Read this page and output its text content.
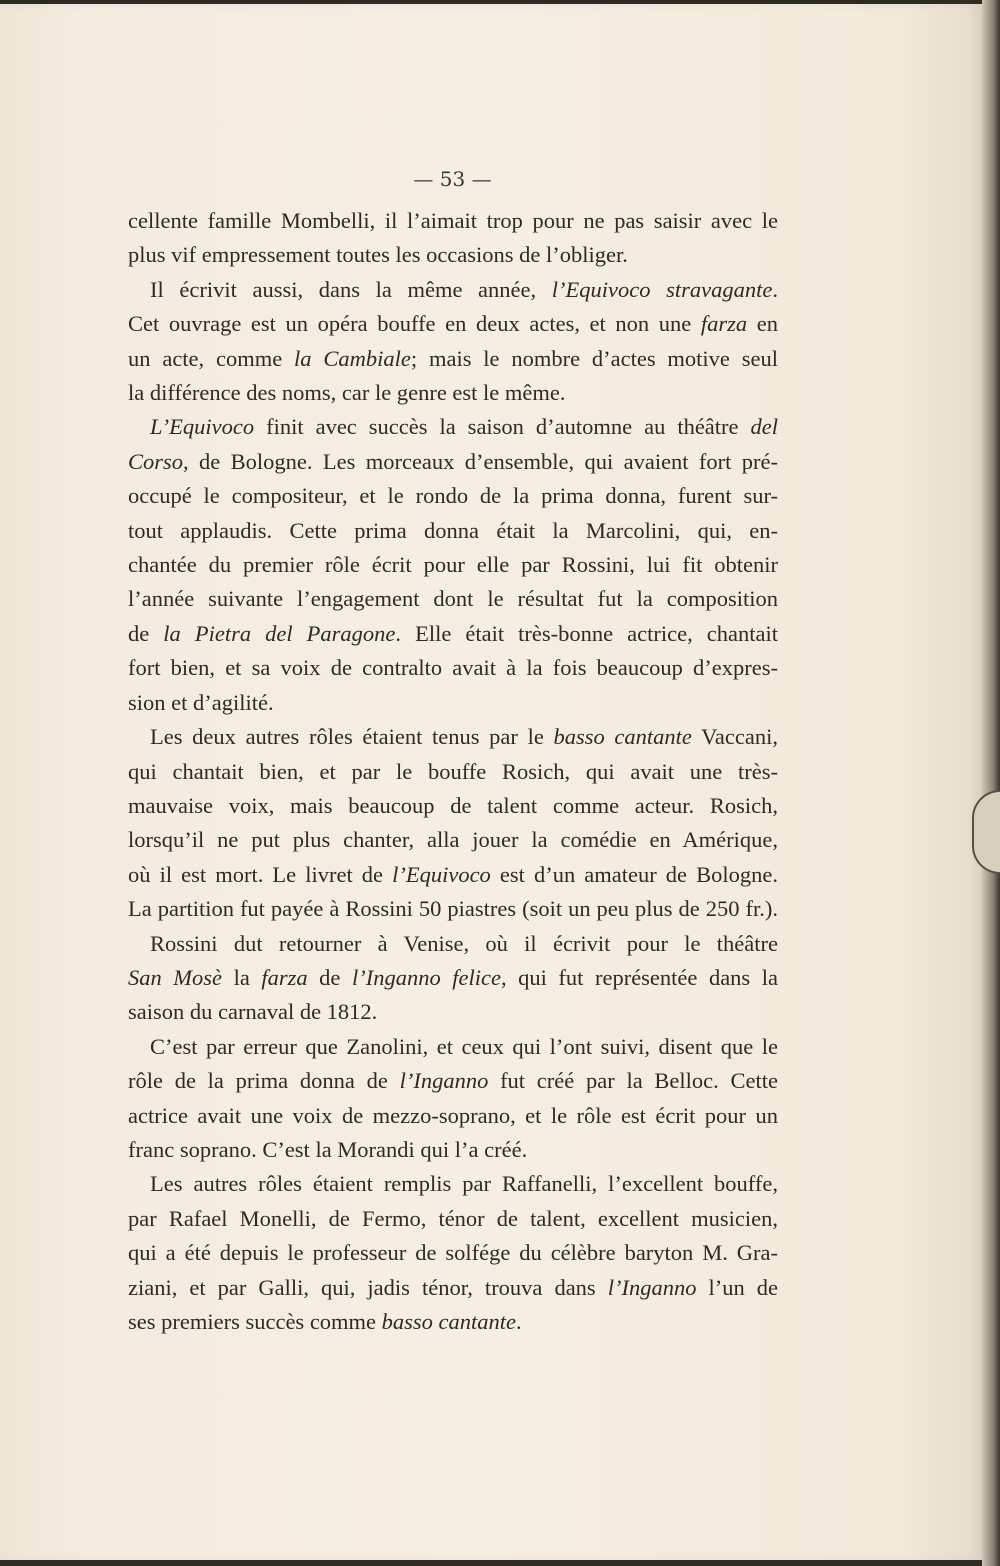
— 53 —

cellente famille Mombelli, il l’aimait trop pour ne pas saisir avec le
plus vif empressement toutes les occasions de l’obliger.

Il écrivit aussi, dans la même année, l’Equivoco stravagante.
Cet ouvrage est un opéra bouffe en deux actes, et non une farza en
un acte, comme la Cambiale; mais le nombre d’actes motive seul
la différence des noms, car le genre est le même.

L’Equivoco finit avec succès la saison d’automne au théâtre del
Corso, de Bologne. Les morceaux d’ensemble, qui avaient fort pré-
occupé le compositeur, et le rondo de la prima donna, furent sur-
tout applaudis. Cette prima donna était la Marcolini, qui, en-
chantée du premier rôle écrit pour elle par Rossini, lui fit obtenir
l’année suivante l’engagement dont le résultat fut la composition
de la Pietra del Paragone. Elle était très-bonne actrice, chantait
fort bien, et sa voix de contralto avait à la fois beaucoup d’expres-
sion et d’agilité.

Les deux autres rôles étaient tenus par le basso cantante Vaccani,
qui chantait bien, et par le bouffe Rosich, qui avait une très-
mauvaise voix, mais beaucoup de talent comme acteur. Rosich,
lorsqu’il ne put plus chanter, alla jouer la comédie en Amérique,
où il est mort. Le livret de l’Equivoco est d’un amateur de Bologne.
La partition fut payée à Rossini 50 piastres (soit un peu plus de 250 fr.).

Rossini dut retourner à Venise, où il écrivit pour le théâtre
San Mosè la farza de l’Inganno felice, qui fut représentée dans la
saison du carnaval de 1812.

C’est par erreur que Zanolini, et ceux qui l’ont suivi, disent que le
rôle de la prima donna de l’Inganno fut créé par la Belloc. Cette
actrice avait une voix de mezzo-soprano, et le rôle est écrit pour un
franc soprano. C’est la Morandi qui l’a créé.

Les autres rôles étaient remplis par Raffanelli, l’excellent bouffe,
par Rafael Monelli, de Fermo, ténor de talent, excellent musicien,
qui a été depuis le professeur de solfége du célèbre baryton M. Gra-
ziani, et par Galli, qui, jadis ténor, trouva dans l’Inganno l’un de
ses premiers succès comme basso cantante.
